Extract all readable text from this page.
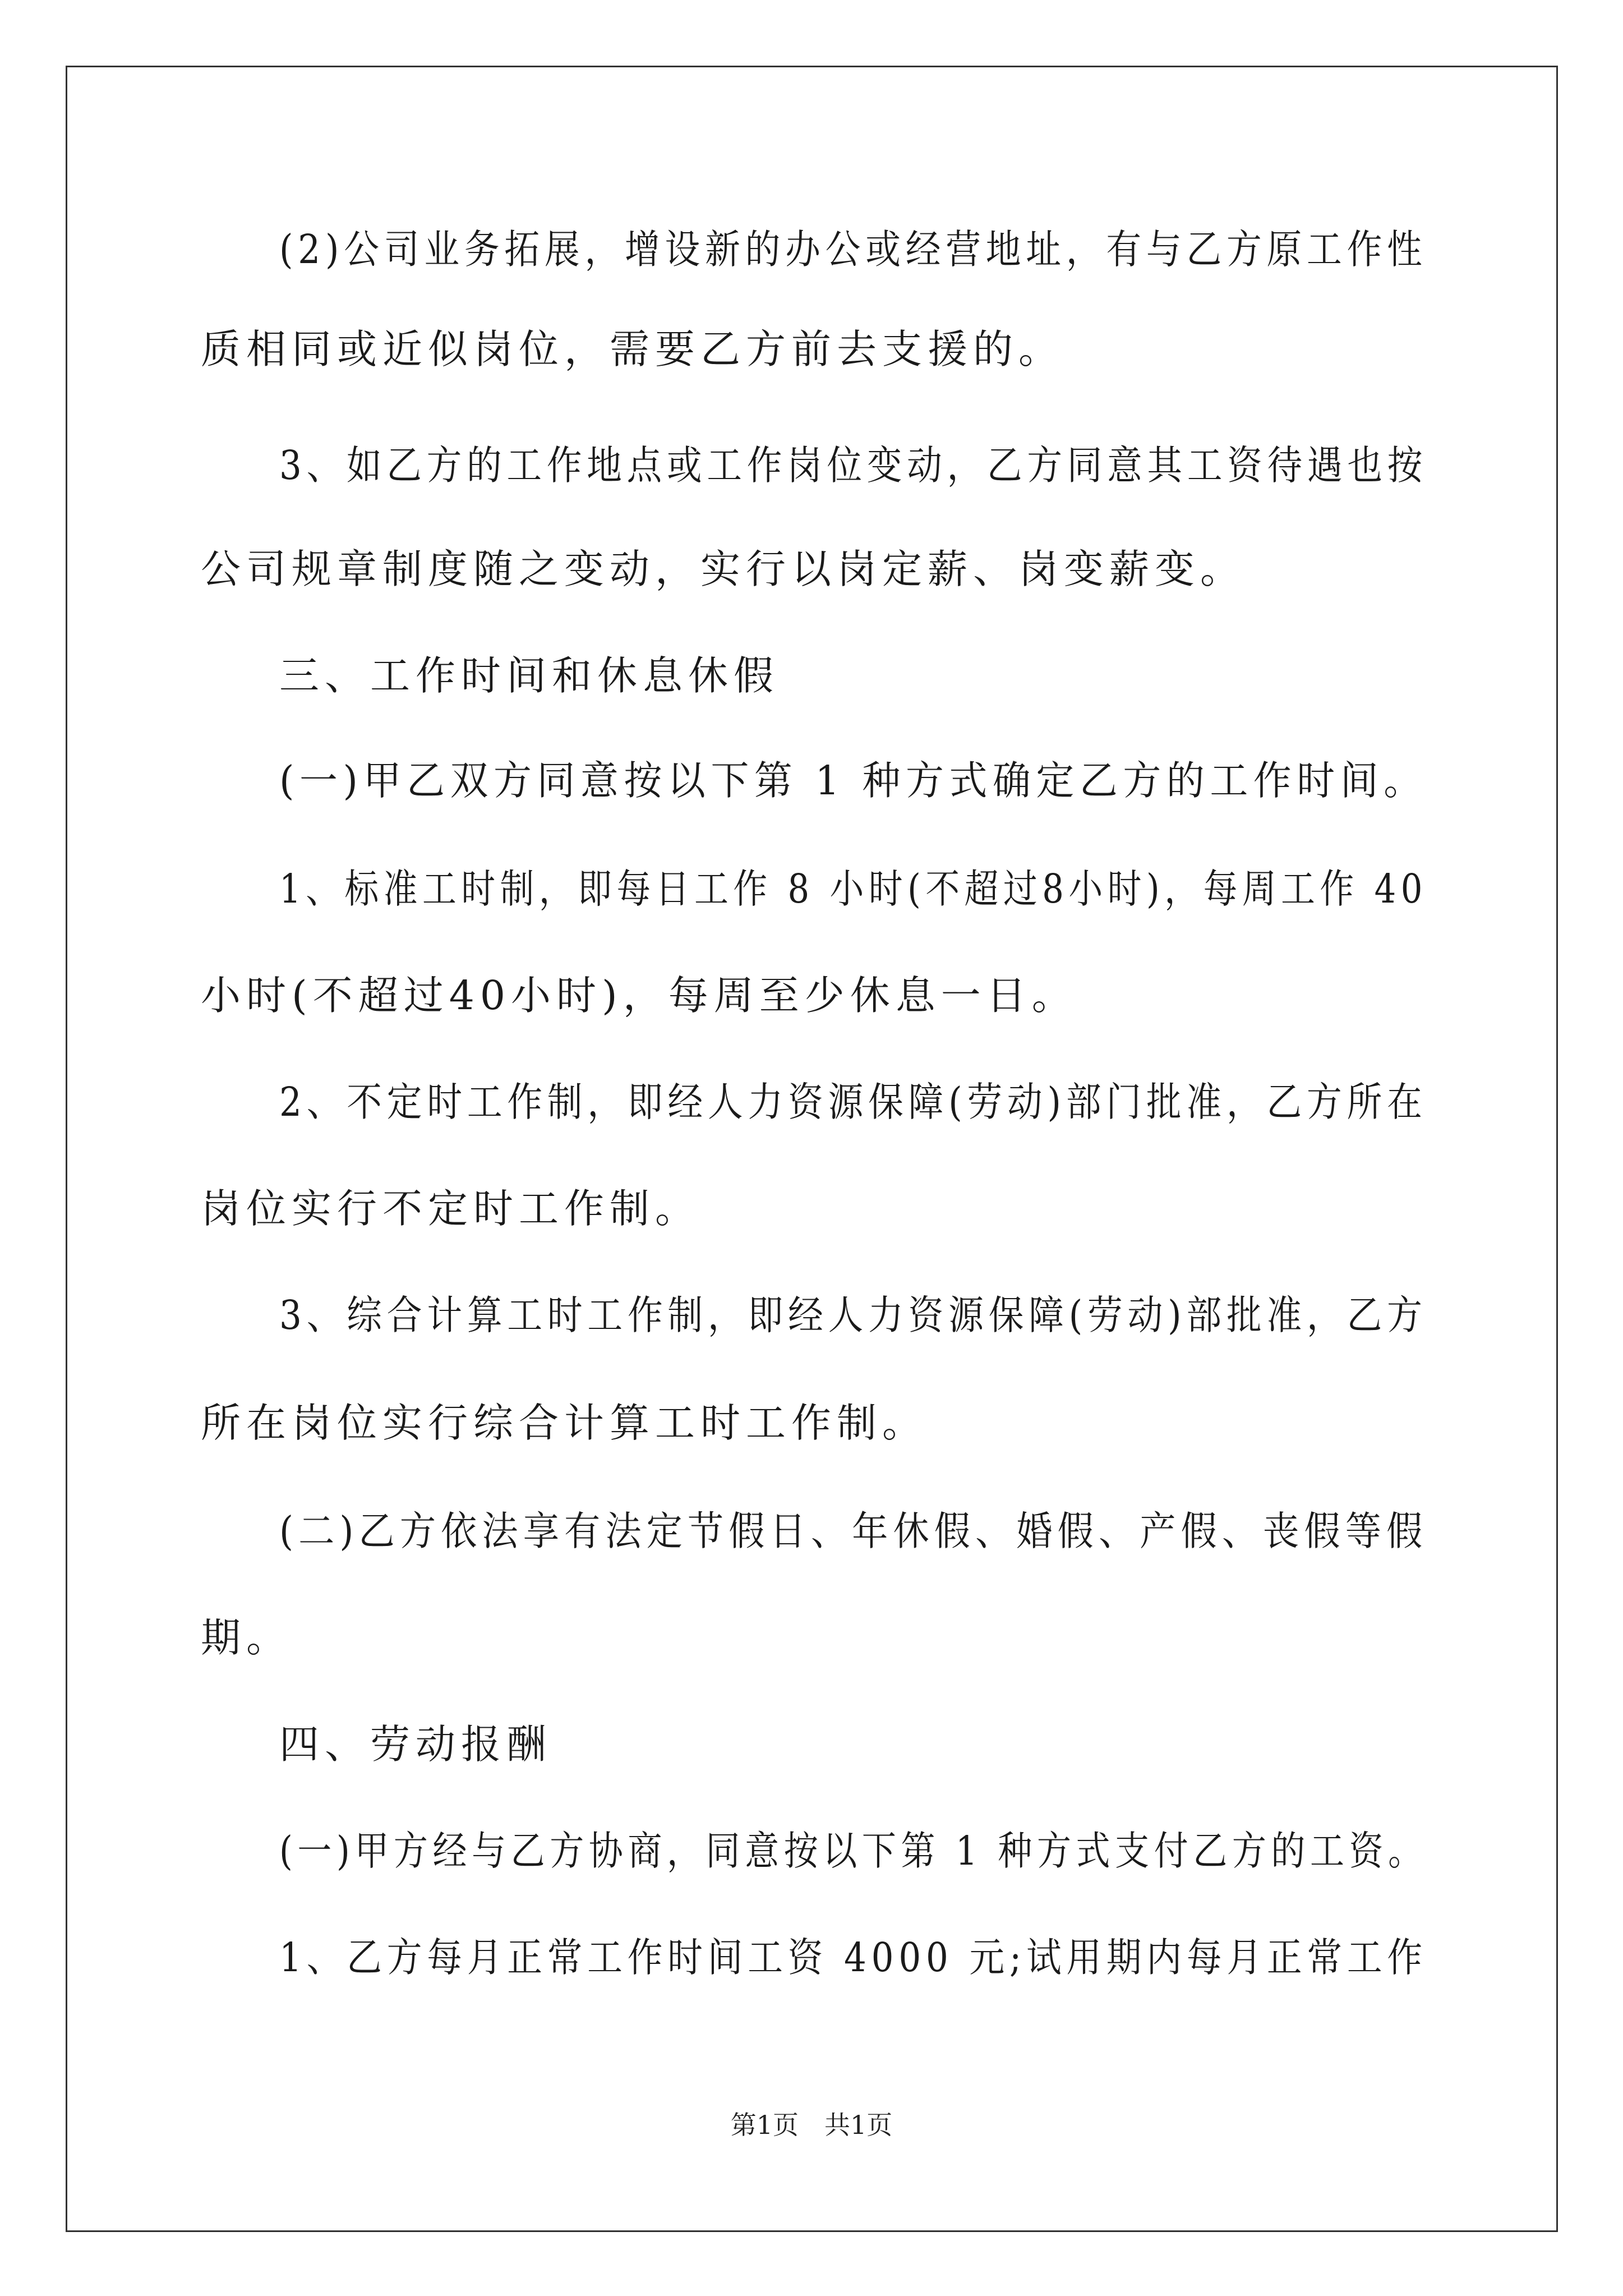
(2)公司业务拓展，增设新的办公或经营地址，有与乙方原工作性
质相同或近似岗位，需要乙方前去支援的。
3、如乙方的工作地点或工作岗位变动，乙方同意其工资待遇也按
公司规章制度随之变动，实行以岗定薪、岗变薪变。
三、工作时间和休息休假
(一)甲乙双方同意按以下第 1 种方式确定乙方的工作时间。
1、标准工时制，即每日工作 8 小时(不超过8小时)，每周工作 40
小时(不超过40小时)，每周至少休息一日。
2、不定时工作制，即经人力资源保障(劳动)部门批准，乙方所在
岗位实行不定时工作制。
3、综合计算工时工作制，即经人力资源保障(劳动)部批准，乙方
所在岗位实行综合计算工时工作制。
(二)乙方依法享有法定节假日、年休假、婚假、产假、丧假等假
期。
四、劳动报酬
(一)甲方经与乙方协商，同意按以下第 1 种方式支付乙方的工资。
1、乙方每月正常工作时间工资 4000 元;试用期内每月正常工作
第1页　共1页
